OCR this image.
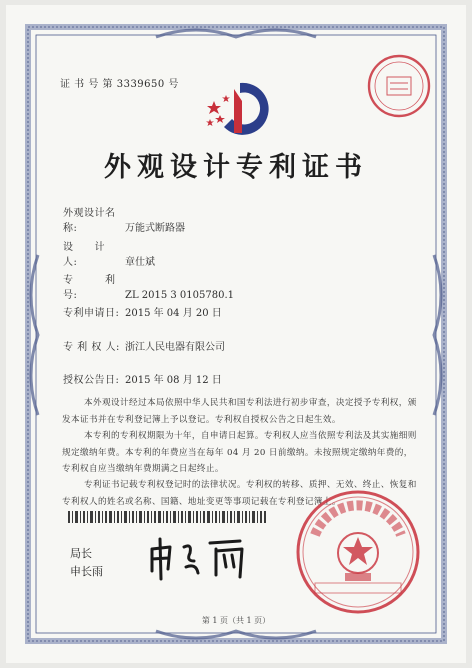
证 书 号 第 3339650 号
外观设计专利证书
外观设计名称:	万能式断路器
设　　计　人:	章仕斌
专　　　利　号:	ZL 2015 3 0105780.1
专利申请日: 2015 年 04 月 20 日
专 利 权 人: 浙江人民电器有限公司
授权公告日: 2015 年 08 月 12 日
本外观设计经过本局依照中华人民共和国专利法进行初步审查，决定授予专利权，颁发本证书并在专利登记簿上予以登记。专利权自授权公告之日起生效。
本专利的专利权期限为十年，自申请日起算。专利权人应当依照专利法及其实施细则规定缴纳年费。本专利的年费应当在每年 04 月 20 日前缴纳。未按照规定缴纳年费的，专利权自应当缴纳年费期满之日起终止。
专利证书记载专利权登记时的法律状况。专利权的转移、质押、无效、终止、恢复和专利权人的姓名或名称、国籍、地址变更等事项记载在专利登记簿上。
局长
申长雨
第 1 页（共 1 页）
